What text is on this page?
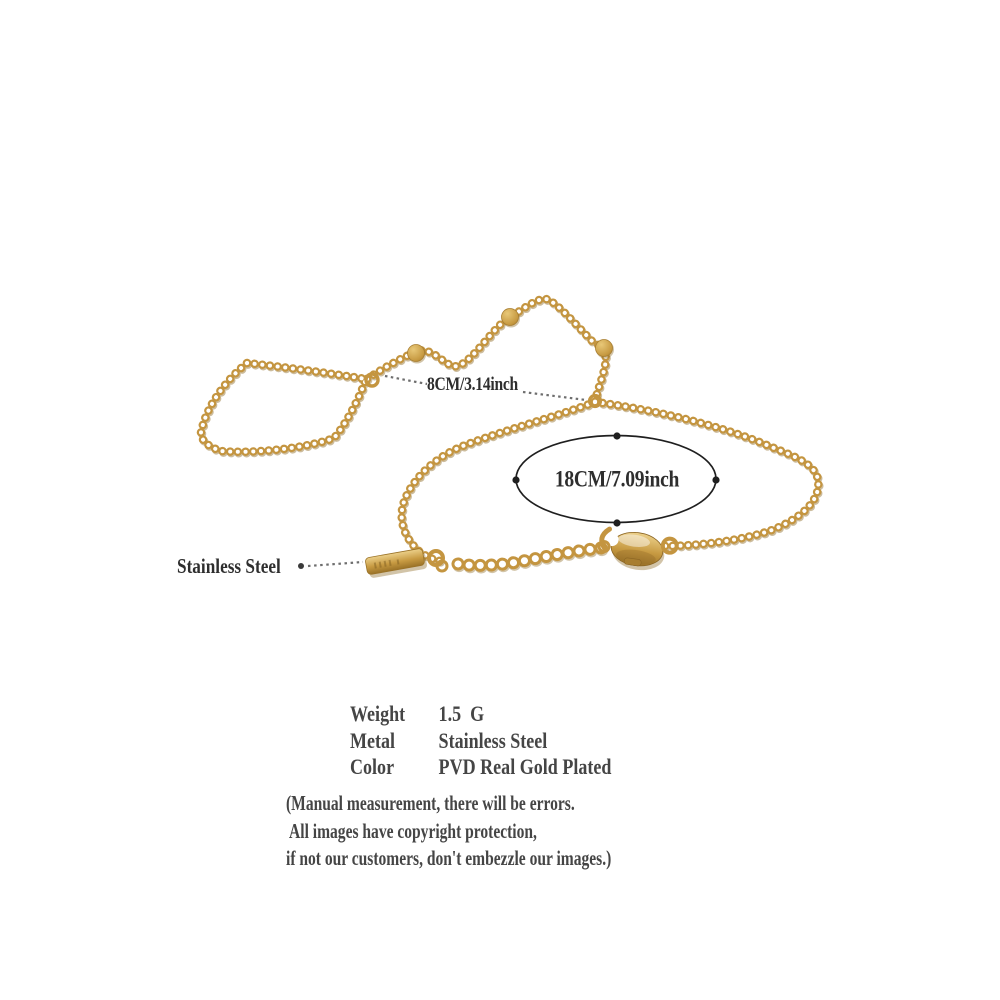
8CM/3.14inch
18CM/7.09inch
Stainless Steel
Weight	1.5  G
Metal	Stainless Steel
Color	PVD Real Gold Plated
(Manual measurement, there will be errors.
All images have copyright protection,
if not our customers, don't embezzle our images.)
